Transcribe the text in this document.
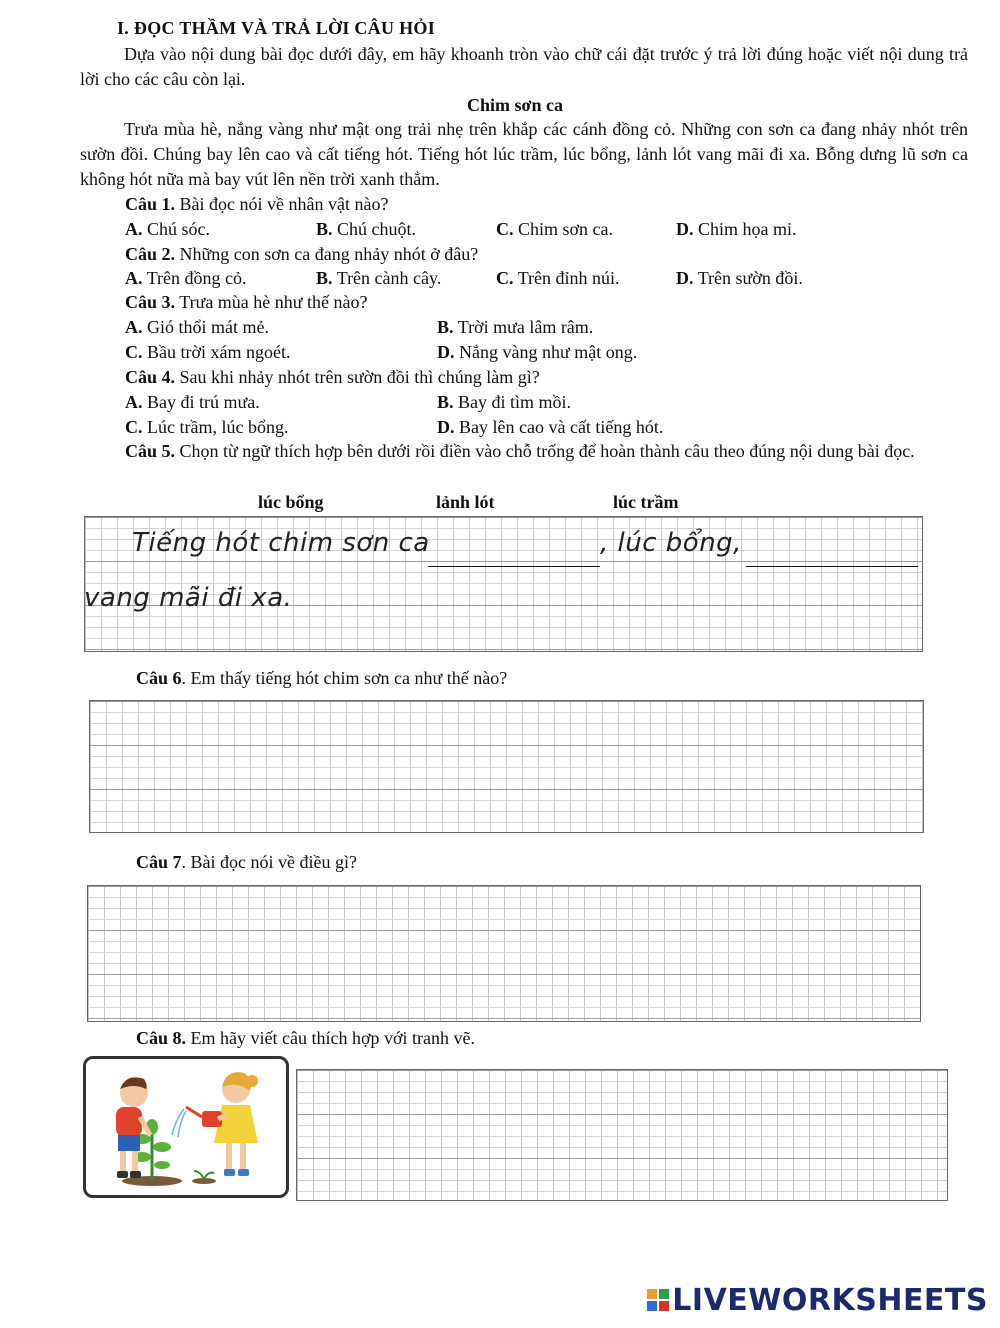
I. ĐỌC THẦM VÀ TRẢ LỜI CÂU HỎI
Dựa vào nội dung bài đọc dưới đây, em hãy khoanh tròn vào chữ cái đặt trước ý trả lời đúng hoặc viết nội dung trả lời cho các câu còn lại.
Chim sơn ca
Trưa mùa hè, nắng vàng như mật ong trải nhẹ trên khắp các cánh đồng cỏ. Những con sơn ca đang nhảy nhót trên sườn đồi. Chúng bay lên cao và cất tiếng hót. Tiếng hót lúc trầm, lúc bổng, lảnh lót vang mãi đi xa. Bỗng dưng lũ sơn ca không hót nữa mà bay vút lên nền trời xanh thẳm.
Câu 1. Bài đọc nói về nhân vật nào?
A. Chú sóc.	B. Chú chuột.	C. Chim sơn ca.	D. Chim họa mi.
Câu 2. Những con sơn ca đang nhảy nhót ở đâu?
A. Trên đồng cỏ.	B. Trên cành cây.	C. Trên đỉnh núi.	D. Trên sườn đồi.
Câu 3. Trưa mùa hè như thế nào?
A. Gió thổi mát mẻ.	B. Trời mưa lâm râm.
C. Bầu trời xám ngoét.	D. Nắng vàng như mật ong.
Câu 4. Sau khi nhảy nhót trên sườn đồi thì chúng làm gì?
A. Bay đi trú mưa.	B. Bay đi tìm mồi.
C. Lúc trầm, lúc bổng.	D. Bay lên cao và cất tiếng hót.
Câu 5. Chọn từ ngữ thích hợp bên dưới rồi điền vào chỗ trống để hoàn thành câu theo đúng nội dung bài đọc.
lúc bổng	lảnh lót	lúc trầm
Tiếng hót chim sơn ca	, lúc bổng,
vang mãi đi xa.
Câu 6. Em thấy tiếng hót chim sơn ca như thế nào?
Câu 7. Bài đọc nói về điều gì?
Câu 8. Em hãy viết câu thích hợp với tranh vẽ.
LIVEWORKSHEETS
